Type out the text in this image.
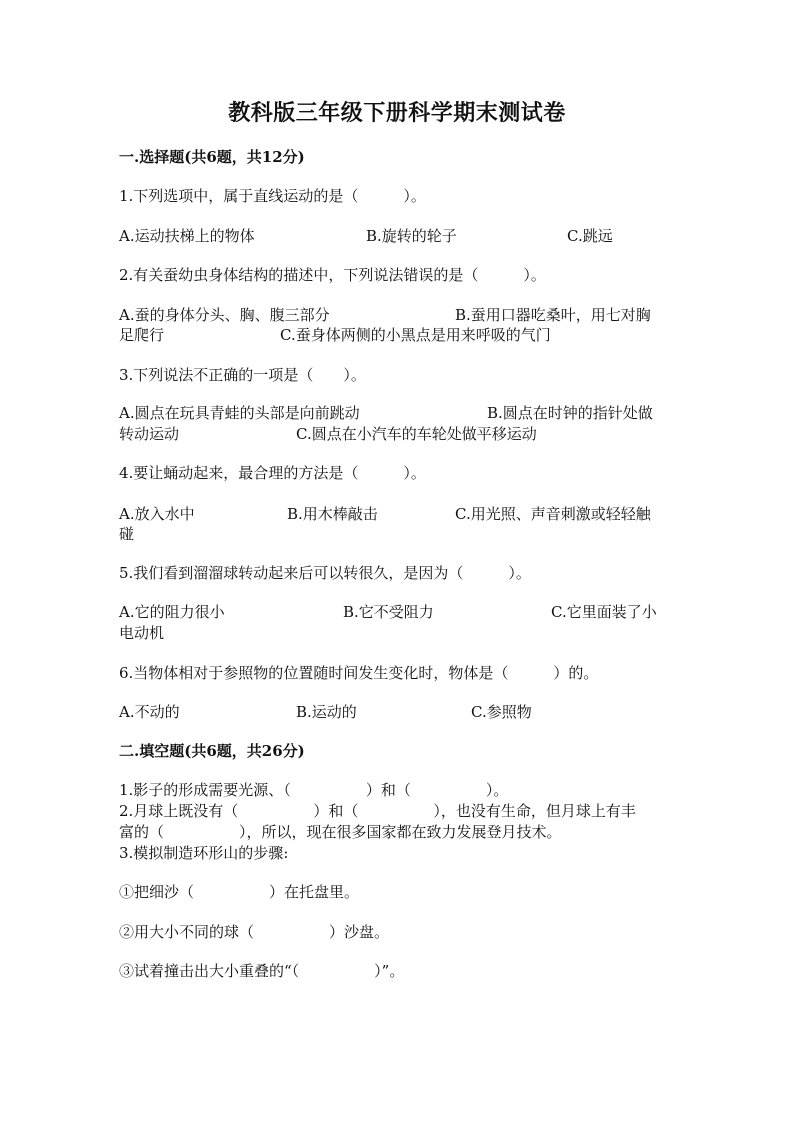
教科版三年级下册科学期末测试卷
一.选择题(共6题，共12分)
1.下列选项中，属于直线运动的是（　　　）。
A.运动扶梯上的物体	B.旋转的轮子	C.跳远
2.有关蚕幼虫身体结构的描述中，下列说法错误的是（　　　）。
A.蚕的身体分头、胸、腹三部分	B.蚕用口器吃桑叶，用七对胸
足爬行	C.蚕身体两侧的小黑点是用来呼吸的气门
3.下列说法不正确的一项是（　　）。
A.圆点在玩具青蛙的头部是向前跳动	B.圆点在时钟的指针处做
转动运动	C.圆点在小汽车的车轮处做平移运动
4.要让蛹动起来，最合理的方法是（　　　）。
A.放入水中	B.用木棒敲击	C.用光照、声音刺激或轻轻触
碰
5.我们看到溜溜球转动起来后可以转很久，是因为（　　　）。
A.它的阻力很小	B.它不受阻力	C.它里面装了小
电动机
6.当物体相对于参照物的位置随时间发生变化时，物体是（　　　）的。
A.不动的	B.运动的	C.参照物
二.填空题(共6题，共26分)
1.影子的形成需要光源、（　　　　　）和（　　　　　）。
2.月球上既没有（　　　　　）和（　　　　　），也没有生命，但月球上有丰
富的（　　　　　），所以，现在很多国家都在致力发展登月技术。
3.模拟制造环形山的步骤:
①把细沙（　　　　　）在托盘里。
②用大小不同的球（　　　　　）沙盘。
③试着撞击出大小重叠的“（　　　　　）”。
